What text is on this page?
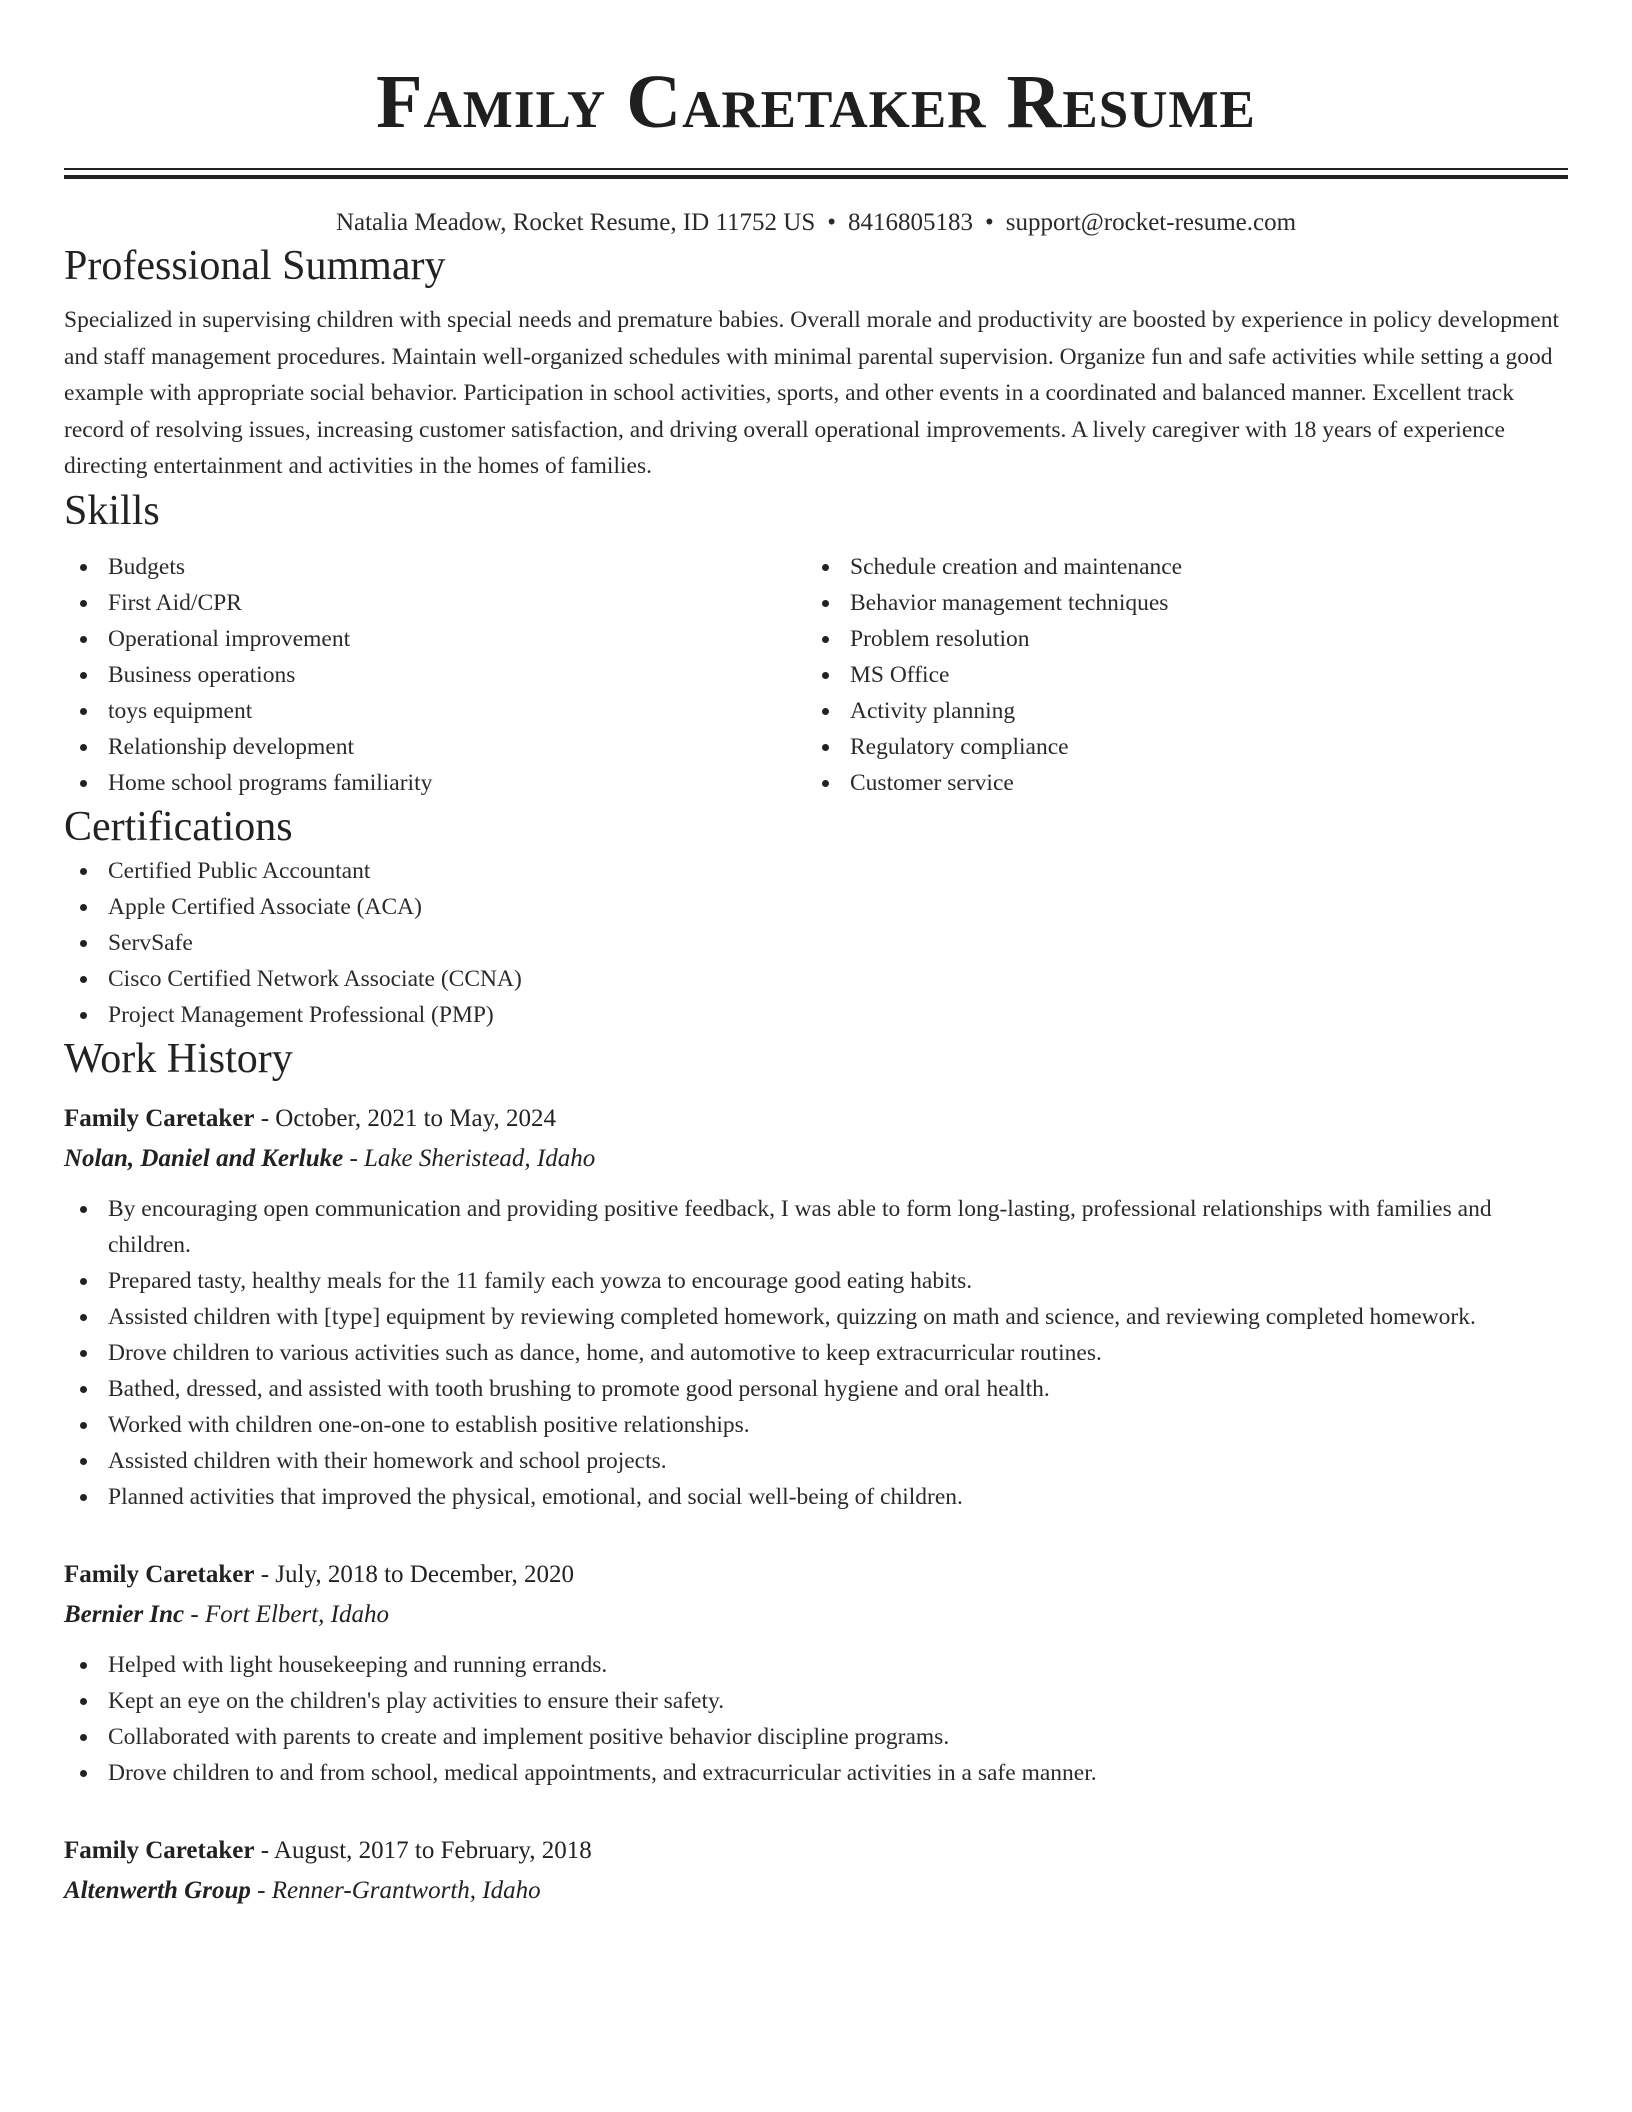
Family Caretaker Resume
Natalia Meadow, Rocket Resume, ID 11752 US • 8416805183 • support@rocket-resume.com
Professional Summary
Specialized in supervising children with special needs and premature babies. Overall morale and productivity are boosted by experience in policy development and staff management procedures. Maintain well-organized schedules with minimal parental supervision. Organize fun and safe activities while setting a good example with appropriate social behavior. Participation in school activities, sports, and other events in a coordinated and balanced manner. Excellent track record of resolving issues, increasing customer satisfaction, and driving overall operational improvements. A lively caregiver with 18 years of experience directing entertainment and activities in the homes of families.
Skills
Budgets
First Aid/CPR
Operational improvement
Business operations
toys equipment
Relationship development
Home school programs familiarity
Schedule creation and maintenance
Behavior management techniques
Problem resolution
MS Office
Activity planning
Regulatory compliance
Customer service
Certifications
Certified Public Accountant
Apple Certified Associate (ACA)
ServSafe
Cisco Certified Network Associate (CCNA)
Project Management Professional (PMP)
Work History
Family Caretaker - October, 2021 to May, 2024
Nolan, Daniel and Kerluke - Lake Sheristead, Idaho
By encouraging open communication and providing positive feedback, I was able to form long-lasting, professional relationships with families and children.
Prepared tasty, healthy meals for the 11 family each yowza to encourage good eating habits.
Assisted children with [type] equipment by reviewing completed homework, quizzing on math and science, and reviewing completed homework.
Drove children to various activities such as dance, home, and automotive to keep extracurricular routines.
Bathed, dressed, and assisted with tooth brushing to promote good personal hygiene and oral health.
Worked with children one-on-one to establish positive relationships.
Assisted children with their homework and school projects.
Planned activities that improved the physical, emotional, and social well-being of children.
Family Caretaker - July, 2018 to December, 2020
Bernier Inc - Fort Elbert, Idaho
Helped with light housekeeping and running errands.
Kept an eye on the children's play activities to ensure their safety.
Collaborated with parents to create and implement positive behavior discipline programs.
Drove children to and from school, medical appointments, and extracurricular activities in a safe manner.
Family Caretaker - August, 2017 to February, 2018
Altenwerth Group - Renner-Grantworth, Idaho
